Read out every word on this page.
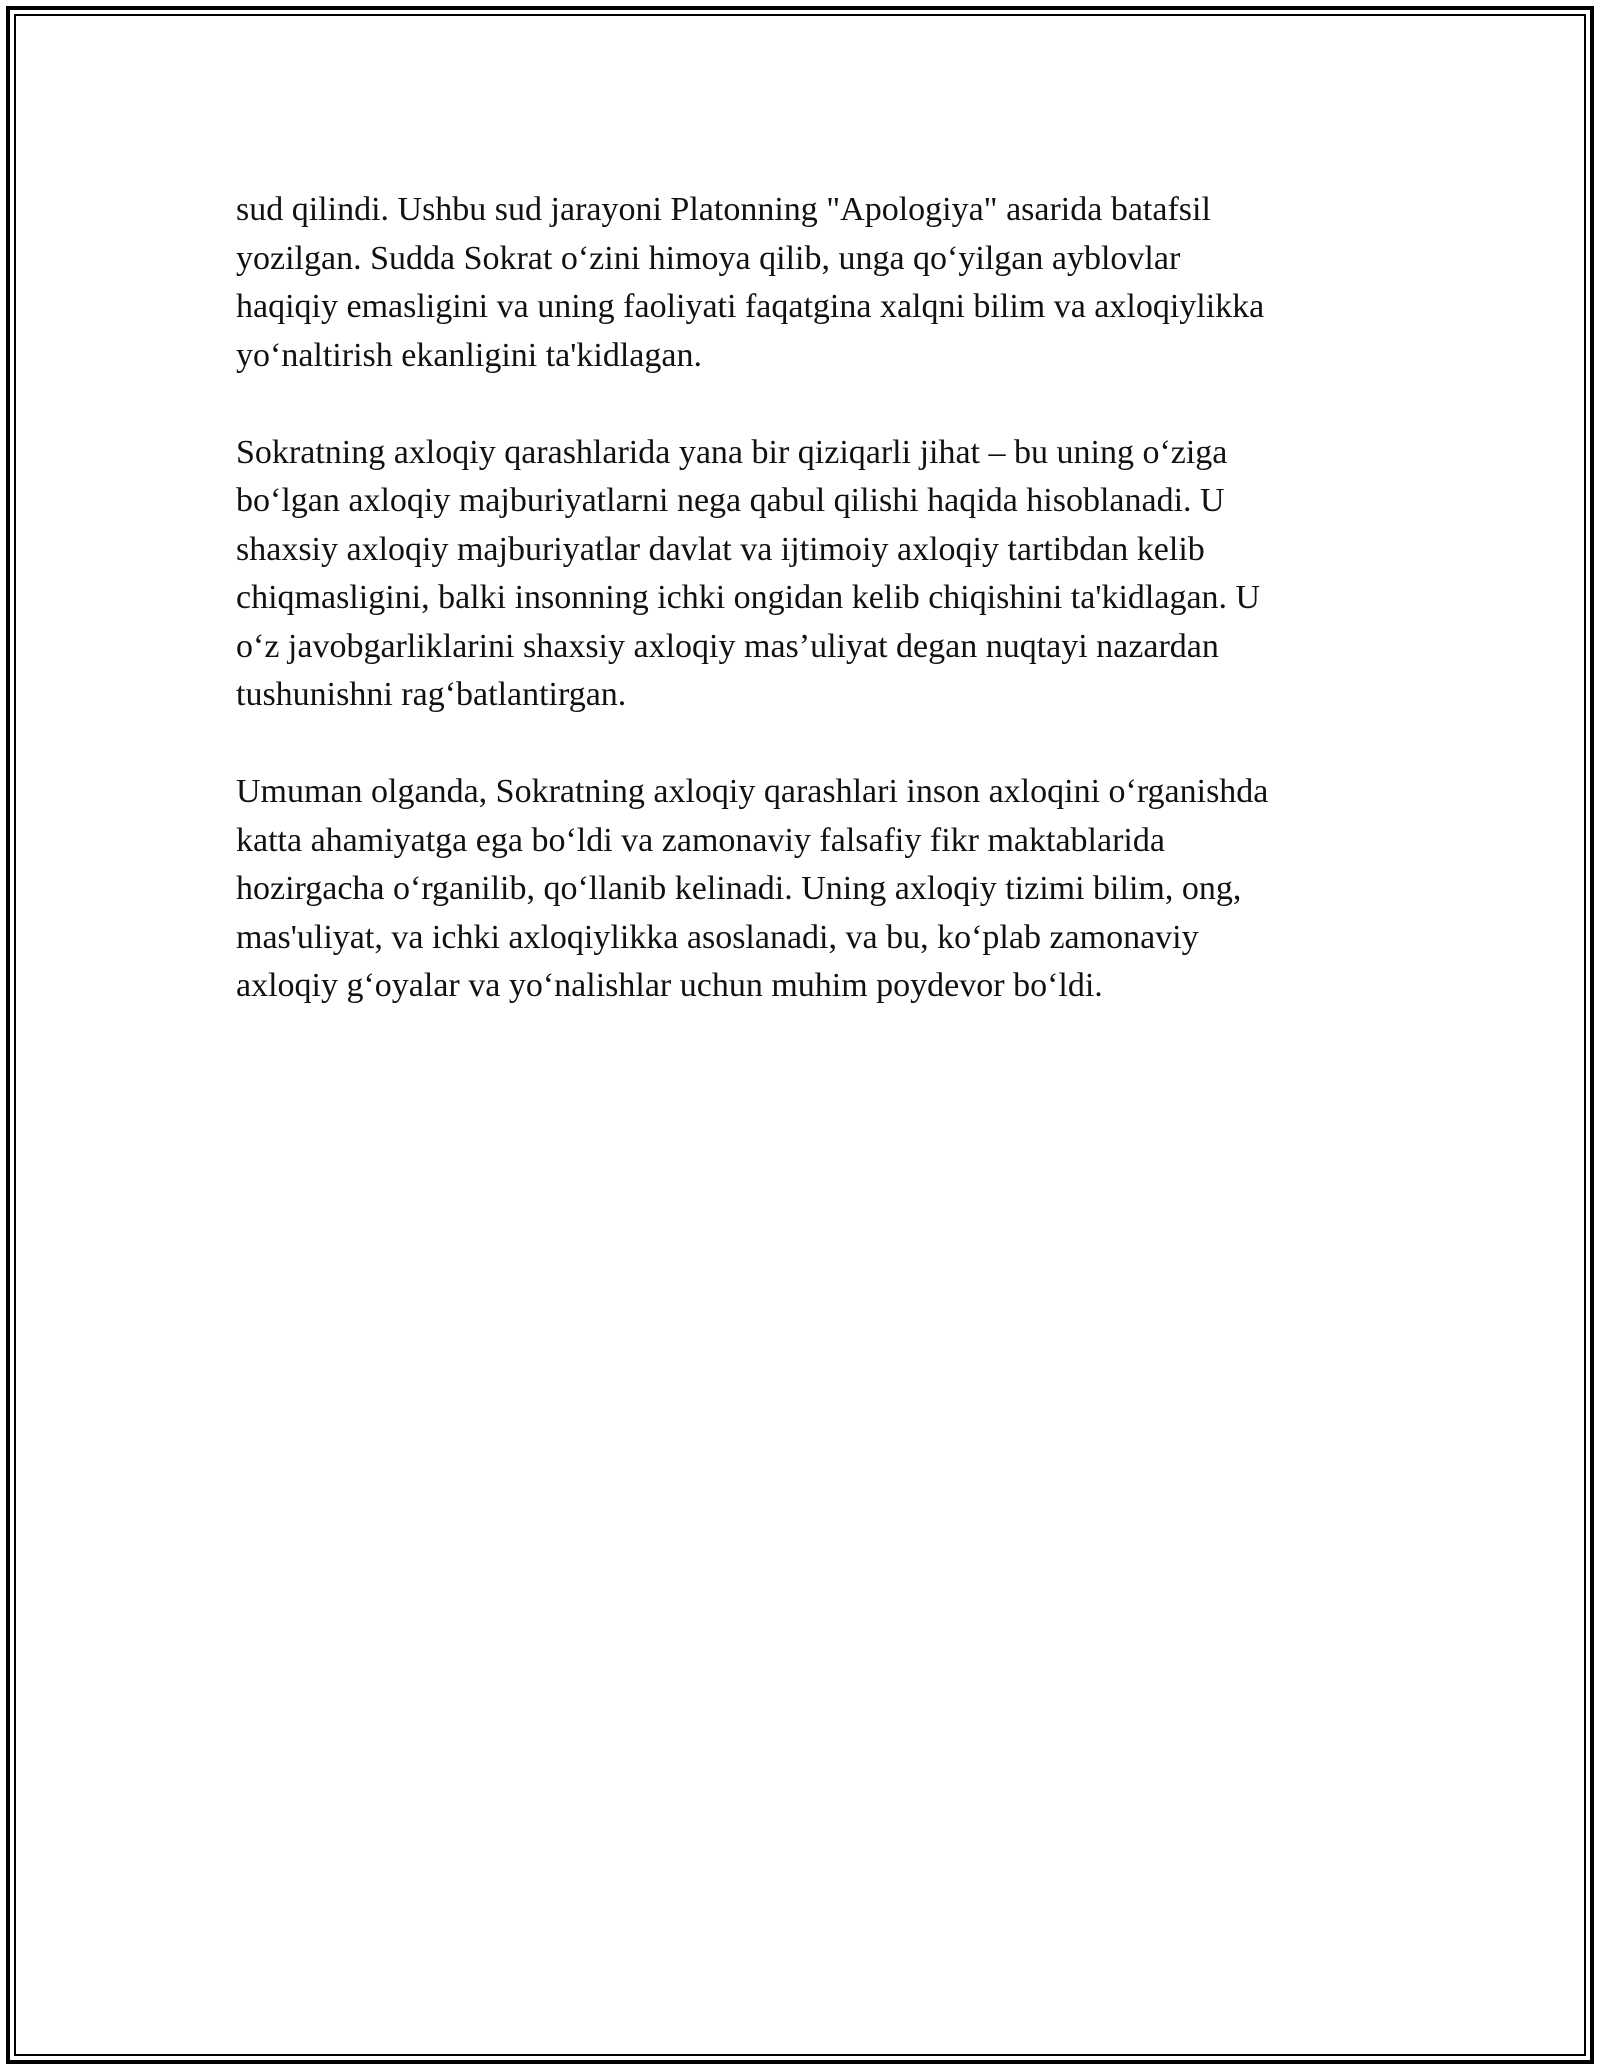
sud qilindi. Ushbu sud jarayoni Platonning "Apologiya" asarida batafsil
yozilgan. Sudda Sokrat o‘zini himoya qilib, unga qo‘yilgan ayblovlar
haqiqiy emasligini va uning faoliyati faqatgina xalqni bilim va axloqiylikka
yo‘naltirish ekanligini ta'kidlagan.

Sokratning axloqiy qarashlarida yana bir qiziqarli jihat – bu uning o‘ziga
bo‘lgan axloqiy majburiyatlarni nega qabul qilishi haqida hisoblanadi. U
shaxsiy axloqiy majburiyatlar davlat va ijtimoiy axloqiy tartibdan kelib
chiqmasligini, balki insonning ichki ongidan kelib chiqishini ta'kidlagan. U
o‘z javobgarliklarini shaxsiy axloqiy mas’uliyat degan nuqtayi nazardan
tushunishni rag‘batlantirgan.

Umuman olganda, Sokratning axloqiy qarashlari inson axloqini o‘rganishda
katta ahamiyatga ega bo‘ldi va zamonaviy falsafiy fikr maktablarida
hozirgacha o‘rganilib, qo‘llanib kelinadi. Uning axloqiy tizimi bilim, ong,
mas'uliyat, va ichki axloqiylikka asoslanadi, va bu, ko‘plab zamonaviy
axloqiy g‘oyalar va yo‘nalishlar uchun muhim poydevor bo‘ldi.
